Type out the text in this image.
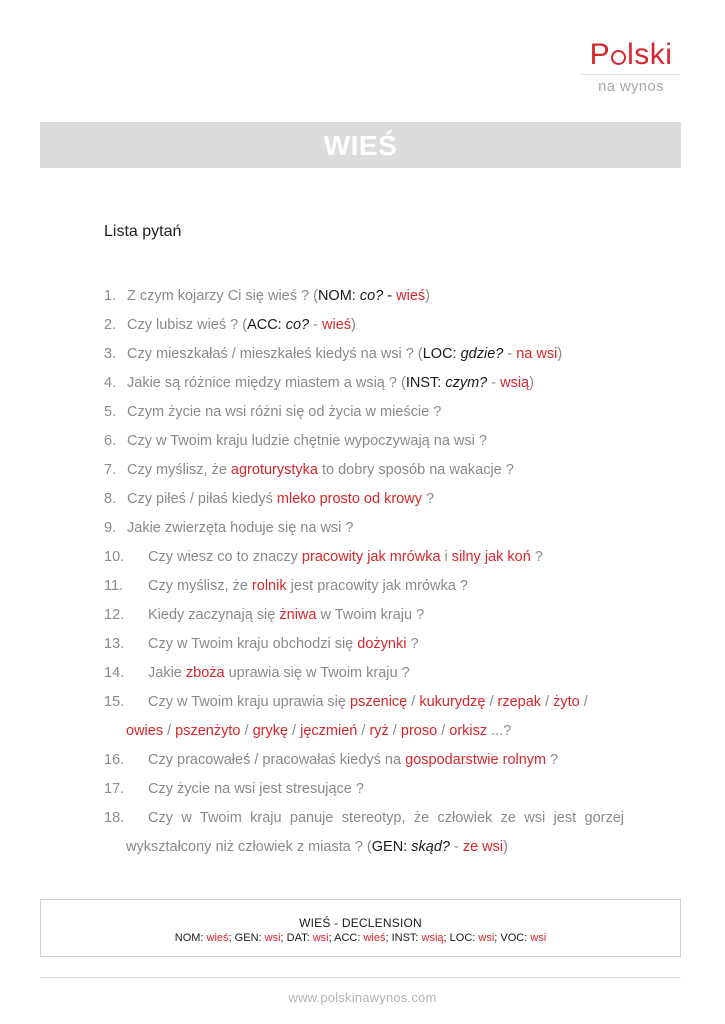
P lski
na wynos
WIEŚ
Lista pytań
1. Z czym kojarzy Ci się wieś ? (NOM: co? - wieś)
2. Czy lubisz wieś ? (ACC: co? - wieś)
3. Czy mieszkałaś / mieszkałeś kiedyś na wsi ? (LOC: gdzie? - na wsi)
4. Jakie są różnice między miastem a wsią ? (INST: czym? - wsią)
5. Czym życie na wsi różni się od życia w mieście ?
6. Czy w Twoim kraju ludzie chętnie wypoczywają na wsi ?
7. Czy myślisz, że agroturystyka to dobry sposób na wakacje ?
8. Czy piłeś / piłaś kiedyś mleko prosto od krowy ?
9. Jakie zwierzęta hoduje się na wsi ?
10. Czy wiesz co to znaczy pracowity jak mrówka i silny jak koń ?
11. Czy myślisz, że rolnik jest pracowity jak mrówka ?
12. Kiedy zaczynają się żniwa w Twoim kraju ?
13. Czy w Twoim kraju obchodzi się dożynki ?
14. Jakie zboża uprawia się w Twoim kraju ?
15. Czy w Twoim kraju uprawia się pszenicę / kukurydzę / rzepak / żyto /
owies / pszenżyto / grykę / jęczmień / ryż / proso / orkisz ...?
16. Czy pracowałeś / pracowałaś kiedyś na gospodarstwie rolnym ?
17. Czy życie na wsi jest stresujące ?
18. Czy w Twoim kraju panuje stereotyp, że człowiek ze wsi jest gorzej
wykształcony niż człowiek z miasta ? (GEN: skąd? - ze wsi)
WIEŚ - DECLENSION
NOM: wieś; GEN: wsi; DAT: wsi; ACC: wieś; INST: wsią; LOC: wsi; VOC: wsi
www.polskinawynos.com
